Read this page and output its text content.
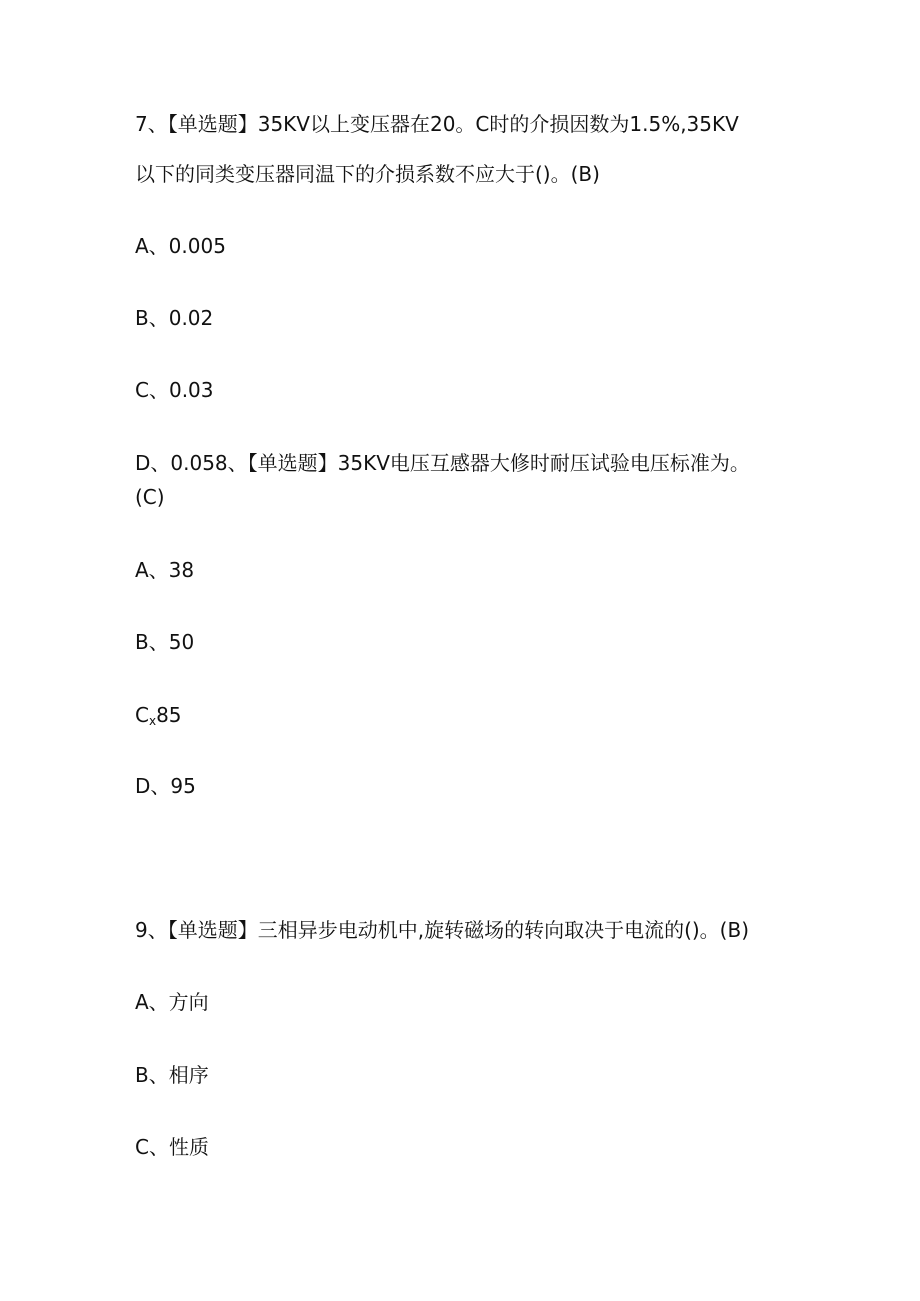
7、【单选题】35KV以上变压器在20。C时的介损因数为1.5%,35KV
以下的同类变压器同温下的介损系数不应大于()。(B)
A、0.005
B、0.02
C、0.03
D、0.058、【单选题】35KV电压互感器大修时耐压试验电压标准为。
(C)
A、38
B、50
$C_x85$
D、95
9、【单选题】三相异步电动机中,旋转磁场的转向取决于电流的()。(B)
A、方向
B、相序
C、性质
